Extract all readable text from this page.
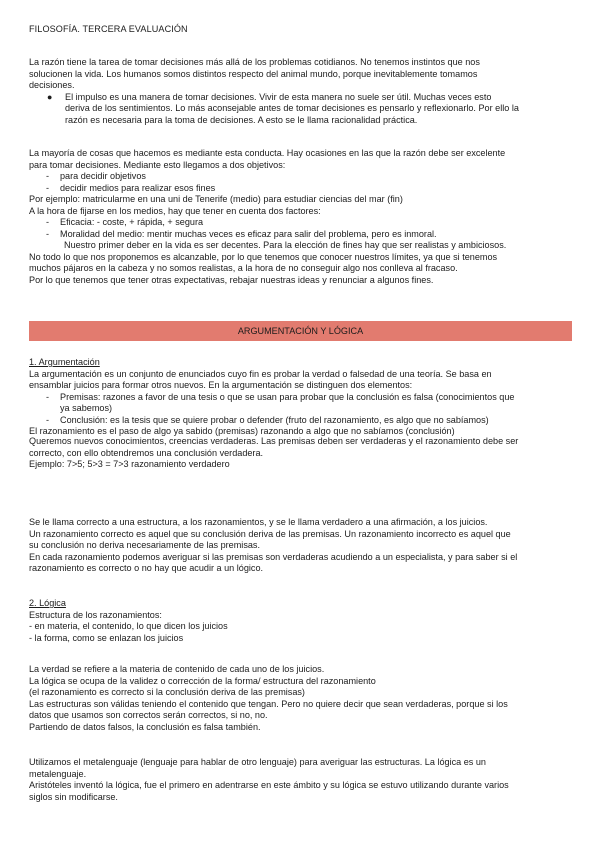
FILOSOFÍA. TERCERA EVALUACIÓN
La razón tiene la tarea de tomar decisiones más allá de los problemas cotidianos. No tenemos instintos que nos
solucionen la vida. Los humanos somos distintos respecto del animal mundo, porque inevitablemente tomamos
decisiones.
●	El impulso es una manera de tomar decisiones. Vivir de esta manera no suele ser útil. Muchas veces esto
deriva de los sentimientos. Lo más aconsejable antes de tomar decisiones es pensarlo y reflexionarlo. Por ello la
razón es necesaria para la toma de decisiones. A esto se le llama racionalidad práctica.
La mayoría de cosas que hacemos es mediante esta conducta. Hay ocasiones en las que la razón debe ser excelente
para tomar decisiones. Mediante esto llegamos a dos objetivos:
-	para decidir objetivos
-	decidir medios para realizar esos fines
Por ejemplo: matricularme en una uni de Tenerife (medio) para estudiar ciencias del mar (fin)
A la hora de fijarse en los medios, hay que tener en cuenta dos factores:
-	Eficacia: - coste, + rápida, + segura
-	Moralidad del medio: mentir muchas veces es eficaz para salir del problema, pero es inmoral.
Nuestro primer deber en la vida es ser decentes. Para la elección de fines hay que ser realistas y ambiciosos.
No todo lo que nos proponemos es alcanzable, por lo que tenemos que conocer nuestros límites, ya que si tenemos
muchos pájaros en la cabeza y no somos realistas, a la hora de no conseguir algo nos conlleva al fracaso.
Por lo que tenemos que tener otras expectativas, rebajar nuestras ideas y renunciar a algunos fines.
ARGUMENTACIÓN Y LÓGICA
1. Argumentación
La argumentación es un conjunto de enunciados cuyo fin es probar la verdad o falsedad de una teoría. Se basa en
ensamblar juicios para formar otros nuevos. En la argumentación se distinguen dos elementos:
-	Premisas: razones a favor de una tesis o que se usan para probar que la conclusión es falsa (conocimientos que
ya sabemos)
-	Conclusión: es la tesis que se quiere probar o defender (fruto del razonamiento, es algo que no sabíamos)
El razonamiento es el paso de algo ya sabido (premisas) razonando a algo que no sabíamos (conclusión)
Queremos nuevos conocimientos, creencias verdaderas. Las premisas deben ser verdaderas y el razonamiento debe ser
correcto, con ello obtendremos una conclusión verdadera.
Ejemplo: 7>5; 5>3 = 7>3 razonamiento verdadero
Se le llama correcto a una estructura, a los razonamientos, y se le llama verdadero a una afirmación, a los juicios.
Un razonamiento correcto es aquel que su conclusión deriva de las premisas. Un razonamiento incorrecto es aquel que
su conclusión no deriva necesariamente de las premisas.
En cada razonamiento podemos averiguar si las premisas son verdaderas acudiendo a un especialista, y para saber si el
razonamiento es correcto o no hay que acudir a un lógico.
2. Lógica
Estructura de los razonamientos:
- en materia, el contenido, lo que dicen los juicios
- la forma, como se enlazan los juicios
La verdad se refiere a la materia de contenido de cada uno de los juicios.
La lógica se ocupa de la validez o corrección de la forma/ estructura del razonamiento
(el razonamiento es correcto si la conclusión deriva de las premisas)
Las estructuras son válidas teniendo el contenido que tengan. Pero no quiere decir que sean verdaderas, porque si los
datos que usamos son correctos serán correctos, si no, no.
Partiendo de datos falsos, la conclusión es falsa también.
Utilizamos el metalenguaje (lenguaje para hablar de otro lenguaje) para averiguar las estructuras. La lógica es un
metalenguaje.
Aristóteles inventó la lógica, fue el primero en adentrarse en este ámbito y su lógica se estuvo utilizando durante varios
siglos sin modificarse.
